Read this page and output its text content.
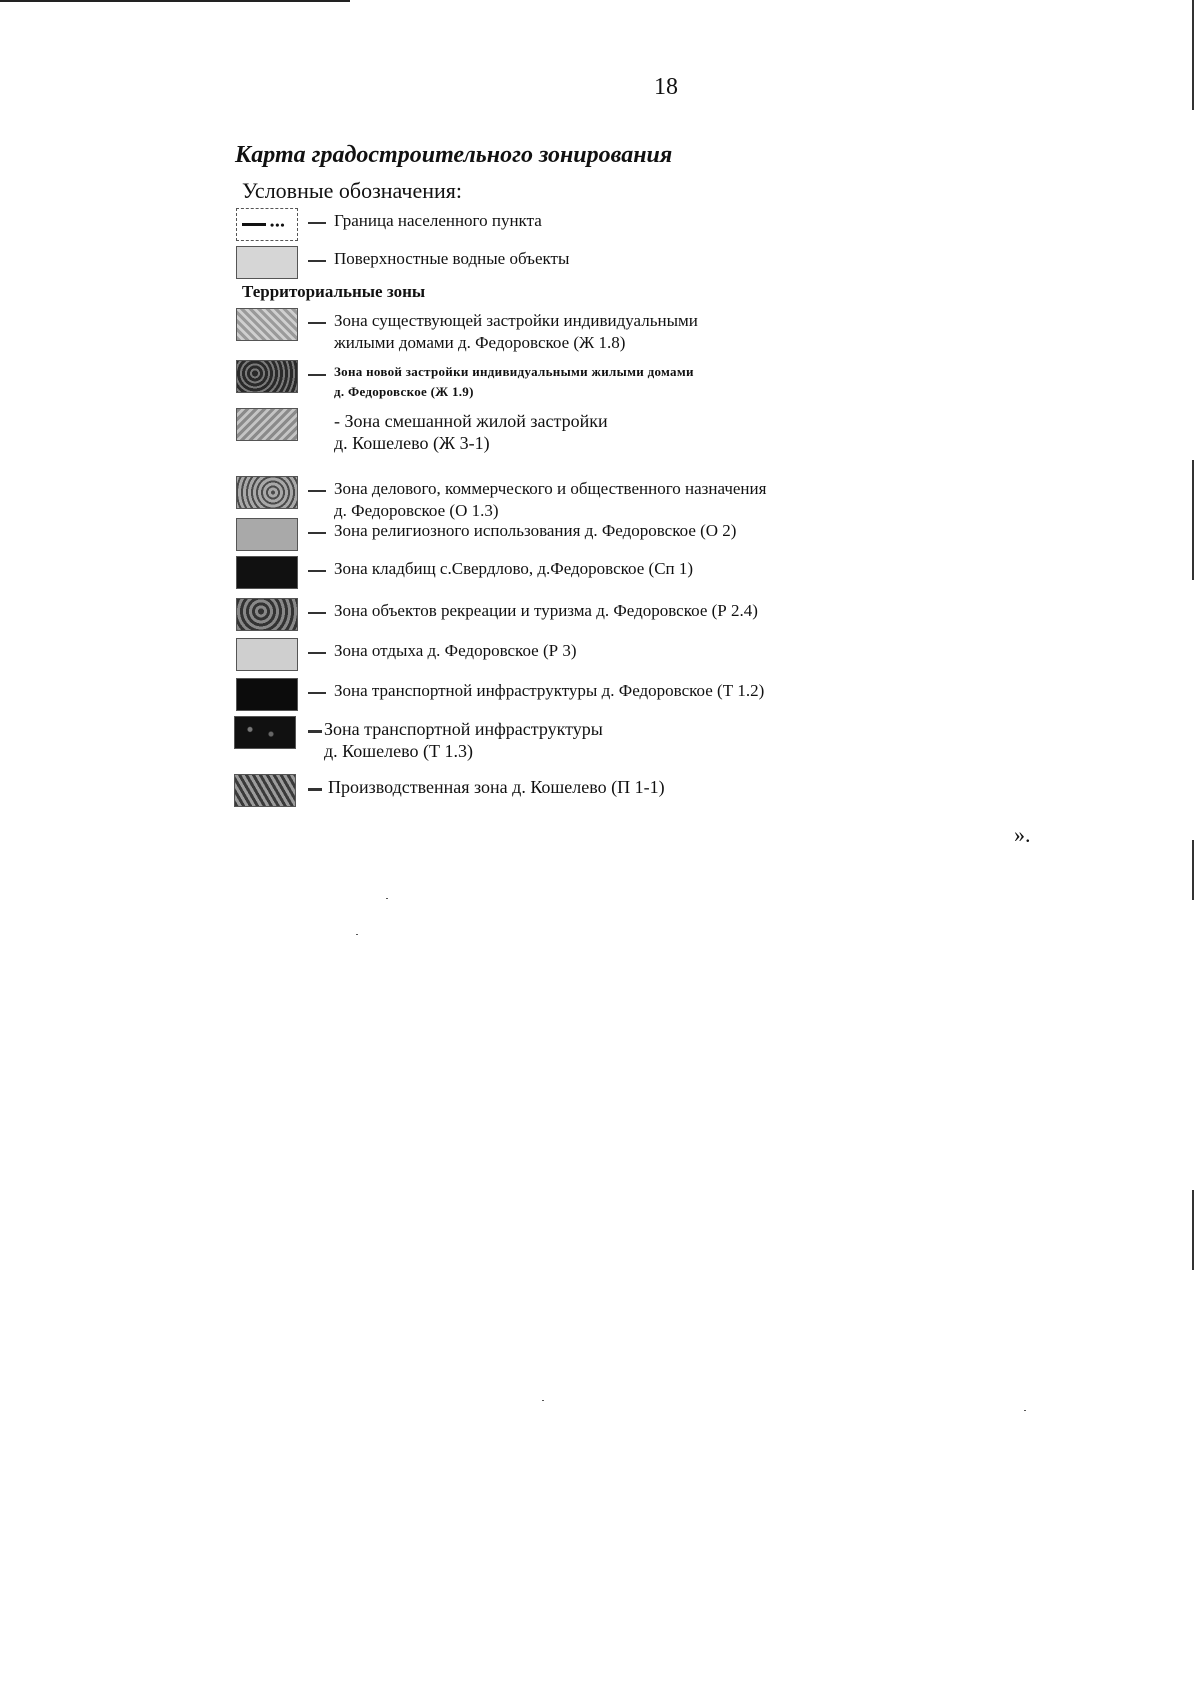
18
Карта градостроительного зонирования
Условные обозначения:
•••	Граница населенного пункта
Поверхностные водные объекты
Территориальные зоны
Зона существующей застройки индивидуальными
жилыми домами д. Федоровское (Ж 1.8)
Зона новой застройки индивидуальными жилыми домами
д. Федоровское (Ж 1.9)
- Зона смешанной жилой застройки
д. Кошелево (Ж 3-1)
Зона делового, коммерческого и общественного назначения
д. Федоровское (О 1.3)
Зона религиозного использования д. Федоровское (О 2)
Зона кладбищ с.Свердлово, д.Федоровское (Сп 1)
Зона объектов рекреации и туризма д. Федоровское (Р 2.4)
Зона отдыха д. Федоровское (Р 3)
Зона транспортной инфраструктуры д. Федоровское (Т 1.2)
Зона транспортной инфраструктуры
д. Кошелево (Т 1.3)
Производственная зона д. Кошелево (П 1-1)
».
